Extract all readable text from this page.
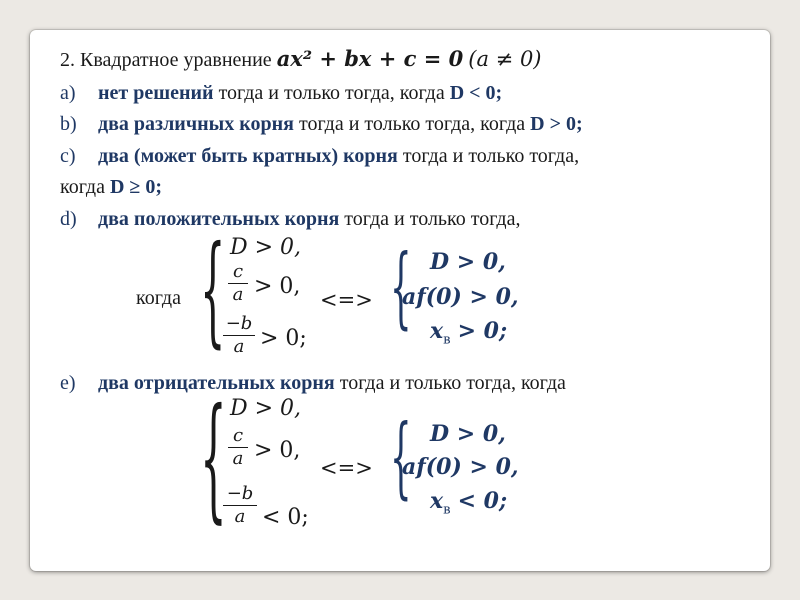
2. Квадратное уравнение ax² + bx + c = 0 (a ≠ 0)
a) нет решений тогда и только тогда, когда D < 0;
b) два различных корня тогда и только тогда, когда D > 0;
c) два (может быть кратных) корня тогда и только тогда,
когда D ≥ 0;
d) два положительных корня тогда и только тогда,
когда { D > 0,
c
a > 0,
−b
a > 0;
<=> { D > 0,
af(0) > 0,
$x_в > 0$;
e) два отрицательных корня тогда и только тогда, когда
{ D > 0,
c
a > 0,
−b
a < 0;
<=> { D > 0,
af(0) > 0,
$x_в < 0$;
